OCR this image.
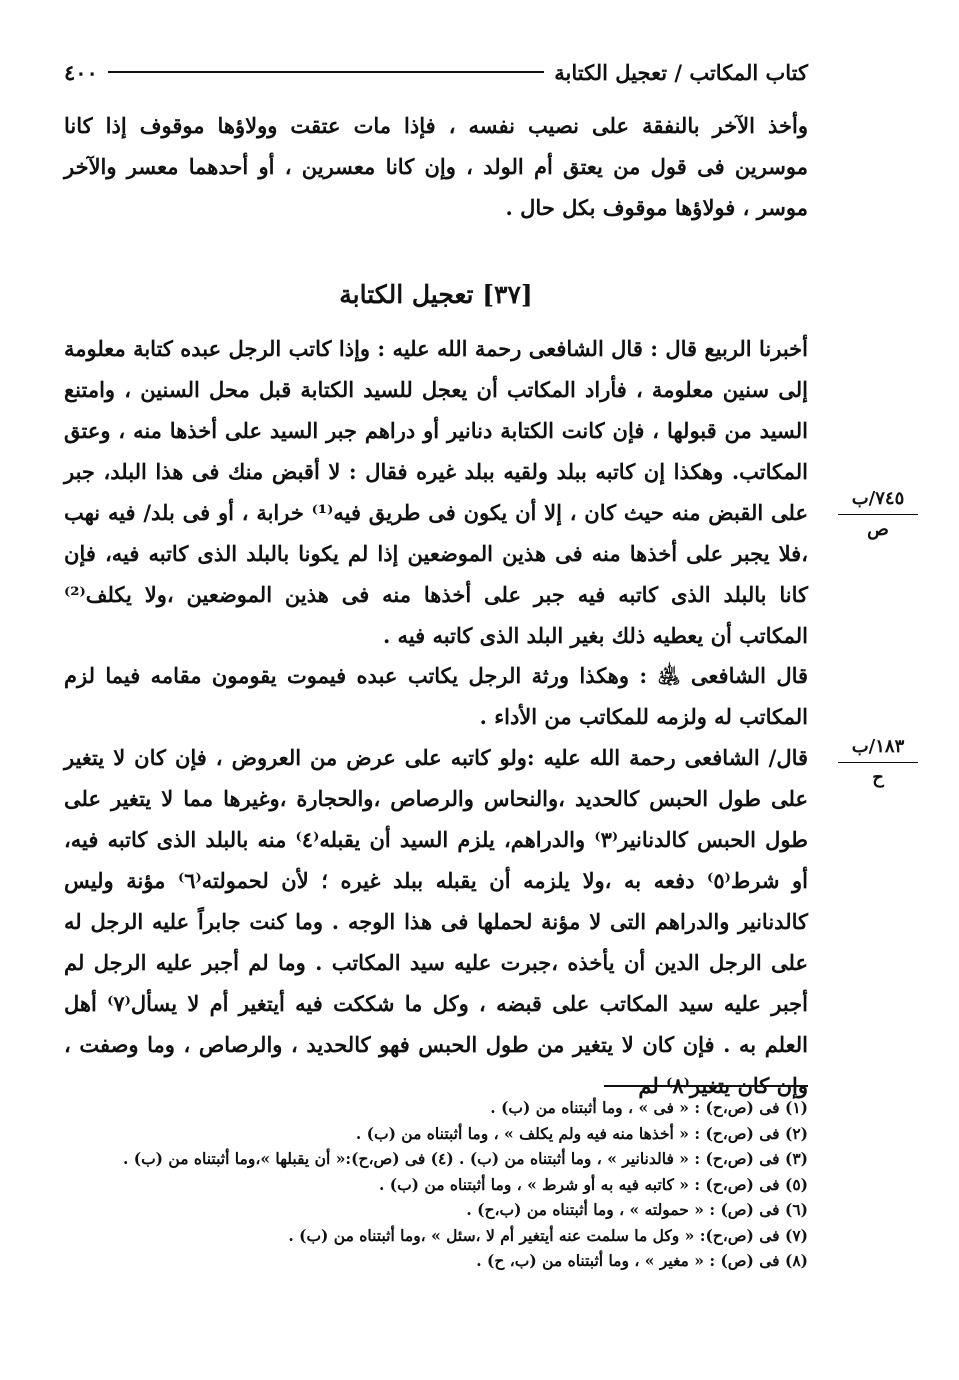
كتاب المكاتب / تعجيل الكتابة
٤٠٠
وأخذ الآخر بالنفقة على نصيب نفسه ، فإذا مات عتقت وولاؤها موقوف إذا كانا موسرين فى قول من يعتق أم الولد ، وإن كانا معسرين ، أو أحدهما معسر والآخر موسر ، فولاؤها موقوف بكل حال .
[٣٧] تعجيل الكتابة
أخبرنا الربيع قال : قال الشافعى رحمة الله عليه : وإذا كاتب الرجل عبده كتابة معلومة إلى سنين معلومة ، فأراد المكاتب أن يعجل للسيد الكتابة قبل محل السنين ، وامتنع السيد من قبولها ، فإن كانت الكتابة دنانير أو دراهم جبر السيد على أخذها منه ، وعتق المكاتب. وهكذا إن كاتبه ببلد ولقيه ببلد غيره فقال : لا أقبض منك فى هذا البلد، جبر على القبض منه حيث كان ، إلا أن يكون فى طريق فيه⁽¹⁾ خرابة ، أو فى بلد/ فيه نهب ،فلا يجبر على أخذها منه فى هذين الموضعين إذا لم يكونا بالبلد الذى كاتبه فيه، فإن كانا بالبلد الذى كاتبه فيه جبر على أخذها منه فى هذين الموضعين ،ولا يكلف⁽²⁾ المكاتب أن يعطيه ذلك بغير البلد الذى كاتبه فيه .
قال الشافعى ﵁ : وهكذا ورثة الرجل يكاتب عبده فيموت يقومون مقامه فيما لزم المكاتب له ولزمه للمكاتب من الأداء .
قال/ الشافعى رحمة الله عليه :ولو كاتبه على عرض من العروض ، فإن كان لا يتغير على طول الحبس كالحديد ،والنحاس والرصاص ،والحجارة ،وغيرها مما لا يتغير على طول الحبس كالدنانير⁽٣⁾ والدراهم، يلزم السيد أن يقبله⁽٤⁾ منه بالبلد الذى كاتبه فيه، أو شرط⁽٥⁾ دفعه به ،ولا يلزمه أن يقبله ببلد غيره ؛ لأن لحمولته⁽٦⁾ مؤنة وليس كالدنانير والدراهم التى لا مؤنة لحملها فى هذا الوجه . وما كنت جابراً عليه الرجل له على الرجل الدين أن يأخذه ،جبرت عليه سيد المكاتب . وما لم أجبر عليه الرجل لم أجبر عليه سيد المكاتب على قبضه ، وكل ما شككت فيه أيتغير أم لا يسأل⁽٧⁾ أهل العلم به . فإن كان لا يتغير من طول الحبس فهو كالحديد ، والرصاص ، وما وصفت ، وإن كان يتغير⁽٨⁾ لم
٧٤٥/ب
ص
١٨٣/ب
ح
(١) فى (ص،ح) : « فى » ، وما أثبتناه من (ب) .
(٢) فى (ص،ح) : « أخذها منه فيه ولم يكلف » ، وما أثبتناه من (ب) .
(٣) فى (ص،ح) : « فالدنانير » ، وما أثبتناه من (ب) . (٤) فى (ص،ح):« أن يقبلها »،وما أثبتناه من (ب) .
(٥) فى (ص،ح) : « كاتبه فيه به أو شرط » ، وما أثبتناه من (ب) .
(٦) فى (ص) : « حمولته » ، وما أثبتناه من (ب،ح) .
(٧) فى (ص،ح): « وكل ما سلمت عنه أيتغير أم لا ،سئل » ،وما أثبتناه من (ب) .
(٨) فى (ص) : « مغير » ، وما أثبتناه من (ب، ح) .
